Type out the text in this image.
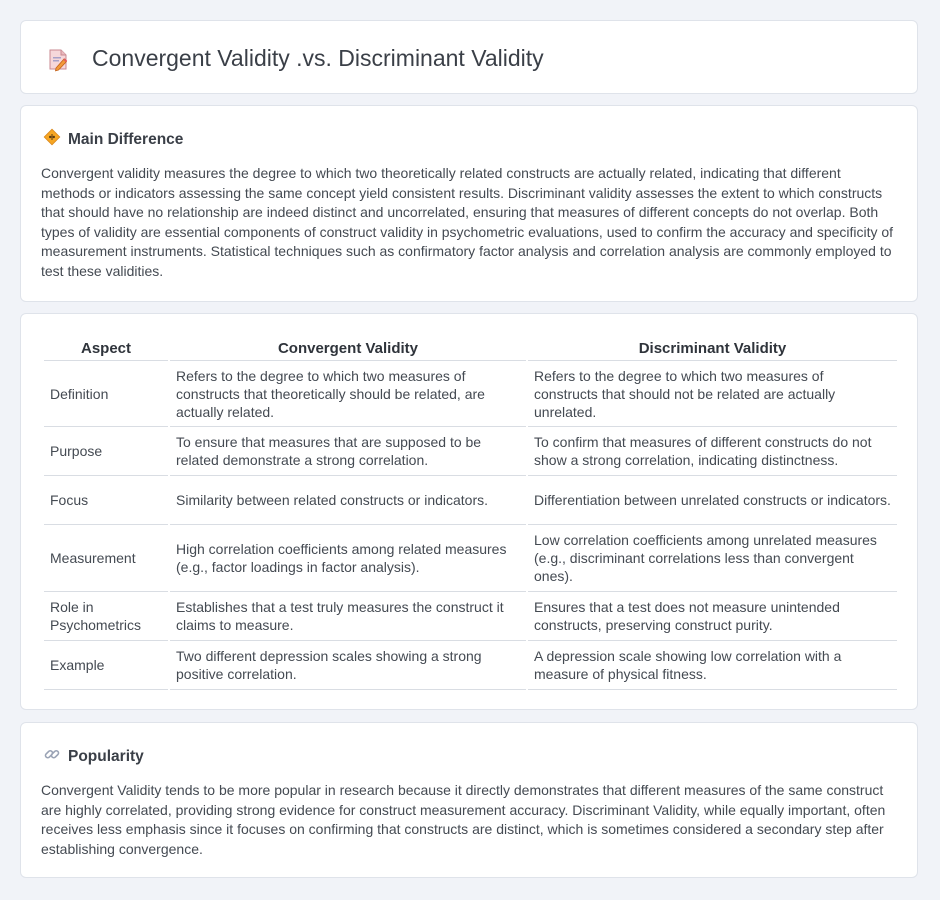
Convergent Validity .vs. Discriminant Validity
Main Difference
Convergent validity measures the degree to which two theoretically related constructs are actually related, indicating that different methods or indicators assessing the same concept yield consistent results. Discriminant validity assesses the extent to which constructs that should have no relationship are indeed distinct and uncorrelated, ensuring that measures of different concepts do not overlap. Both types of validity are essential components of construct validity in psychometric evaluations, used to confirm the accuracy and specificity of measurement instruments. Statistical techniques such as confirmatory factor analysis and correlation analysis are commonly employed to test these validities.
Aspect	Convergent Validity	Discriminant Validity
Definition	Refers to the degree to which two measures of constructs that theoretically should be related, are actually related.	Refers to the degree to which two measures of constructs that should not be related are actually unrelated.
Purpose	To ensure that measures that are supposed to be related demonstrate a strong correlation.	To confirm that measures of different constructs do not show a strong correlation, indicating distinctness.
Focus	Similarity between related constructs or indicators.	Differentiation between unrelated constructs or indicators.
Measurement	High correlation coefficients among related measures (e.g., factor loadings in factor analysis).	Low correlation coefficients among unrelated measures (e.g., discriminant correlations less than convergent ones).
Role in Psychometrics	Establishes that a test truly measures the construct it claims to measure.	Ensures that a test does not measure unintended constructs, preserving construct purity.
Example	Two different depression scales showing a strong positive correlation.	A depression scale showing low correlation with a measure of physical fitness.
Popularity
Convergent Validity tends to be more popular in research because it directly demonstrates that different measures of the same construct are highly correlated, providing strong evidence for construct measurement accuracy. Discriminant Validity, while equally important, often receives less emphasis since it focuses on confirming that constructs are distinct, which is sometimes considered a secondary step after establishing convergence.
